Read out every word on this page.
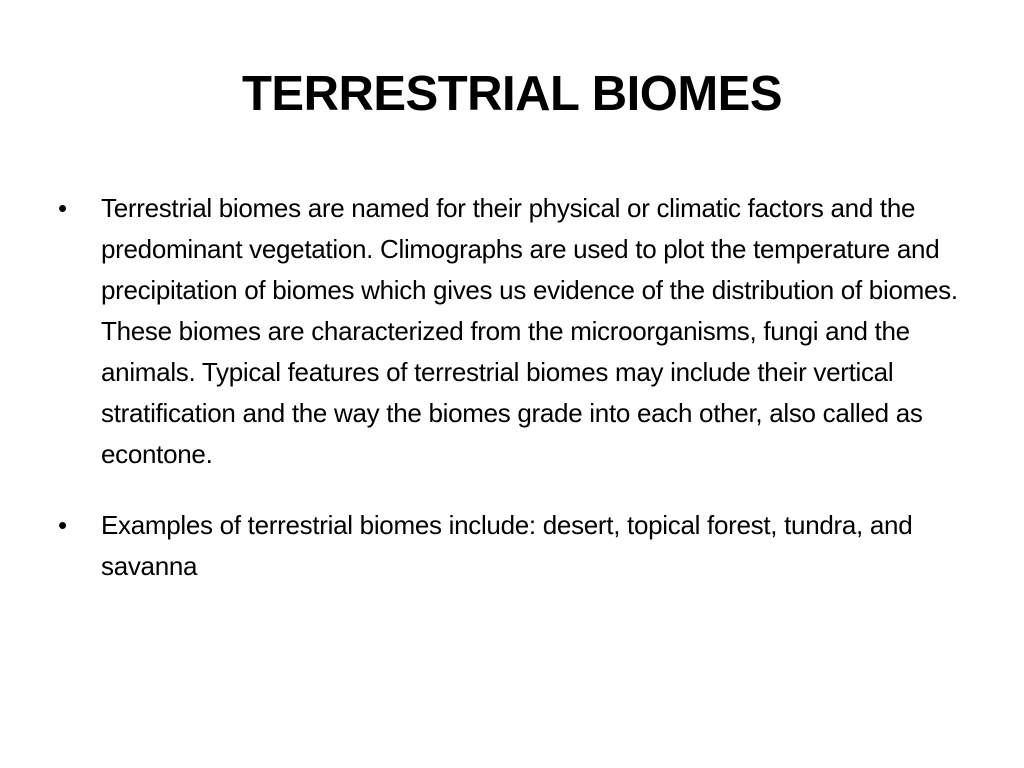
TERRESTRIAL BIOMES
•	Terrestrial biomes are named for their physical or climatic factors and the predominant vegetation. Climographs are used to plot the temperature and precipitation of biomes which gives us evidence of the distribution of biomes. These biomes are characterized from the microorganisms, fungi and the animals. Typical features of terrestrial biomes may include their vertical stratification and the way the biomes grade into each other, also called as econtone.
•	Examples of terrestrial biomes include: desert, topical forest, tundra, and savanna
